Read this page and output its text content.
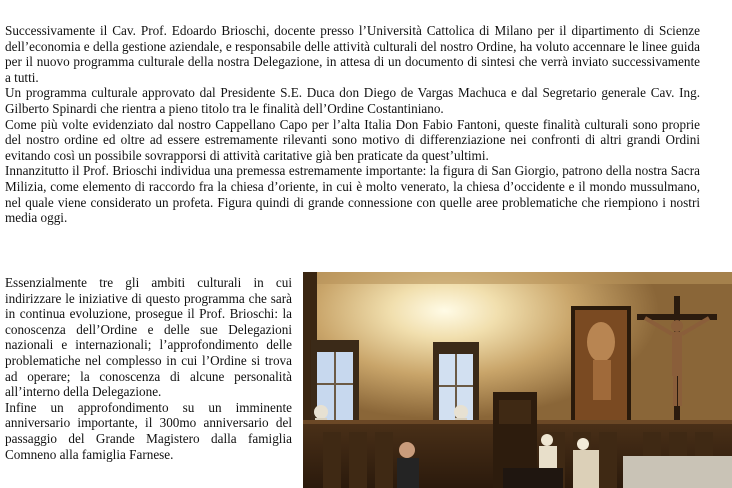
Successivamente il Cav. Prof. Edoardo Brioschi, docente presso l’Università Cattolica di Milano per il dipartimento di Scienze dell’economia e della gestione aziendale, e responsabile delle attività culturali del nostro Ordine, ha voluto accennare le linee guida per il nuovo programma culturale della nostra Delegazione, in attesa di un documento di sintesi che verrà inviato successivamente a tutti.

Un programma culturale approvato dal Presidente S.E. Duca don Diego de Vargas Machuca e dal Segretario generale Cav. Ing. Gilberto Spinardi che rientra a pieno titolo tra le finalità dell’Ordine Costantiniano.

Come più volte evidenziato dal nostro Cappellano Capo per l’alta Italia Don Fabio Fantoni, queste finalità culturali sono proprie del nostro ordine ed oltre ad essere estremamente rilevanti sono motivo di differenziazione nei confronti di altri grandi Ordini evitando così un possibile sovrapporsi di attività caritative già ben praticate da quest’ultimi.

Innanzitutto il Prof. Brioschi individua una premessa estremamente importante: la figura di San Giorgio, patrono della nostra Sacra Milizia, come elemento di raccordo fra la chiesa d’oriente, in cui è molto venerato, la chiesa d’occidente e il mondo mussulmano, nel quale viene considerato un profeta. Figura quindi di grande connessione con quelle aree problematiche che riempiono i nostri media oggi.

Essenzialmente tre gli ambiti culturali in cui indirizzare le iniziative di questo programma che sarà in continua evoluzione, prosegue il Prof. Brioschi: la conoscenza dell’Ordine e delle sue Delegazioni nazionali e internazionali; l’approfondimento delle problematiche nel complesso in cui l’Ordine si trova ad operare; la conoscenza di alcune personalità all’interno della Delegazione.

Infine un approfondimento su un imminente anniversario importante, il 300mo anniversario del passaggio del Grande Magistero dalla famiglia Comneno alla famiglia Farnese.
